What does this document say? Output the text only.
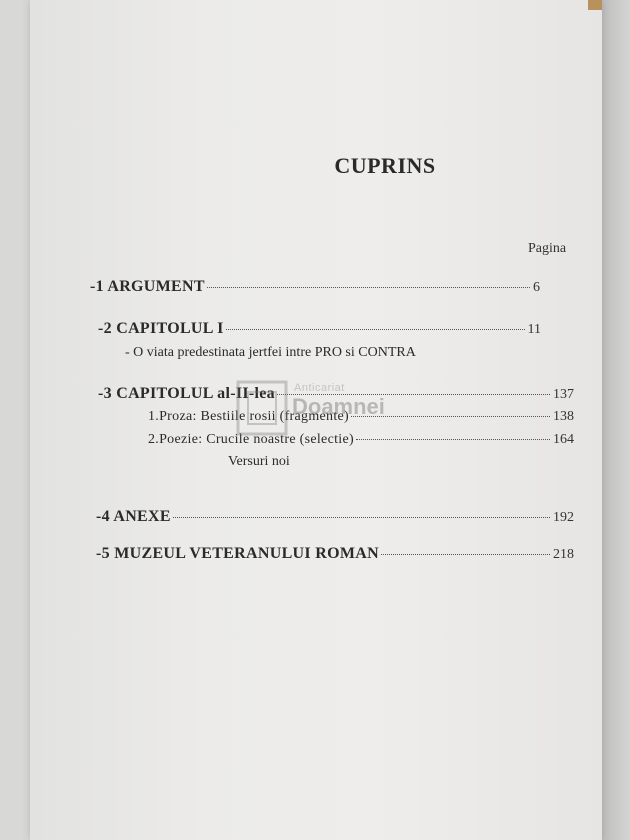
CUPRINS
Pagina
-1 ARGUMENT	6
-2 CAPITOLUL I	11
- O viata predestinata jertfei intre PRO si CONTRA
-3 CAPITOLUL al-II-lea	137
1.Proza: Bestiile rosii (fragmente)	138
2.Poezie: Crucile noastre (selectie)	164
Versuri noi
-4 ANEXE	192
-5 MUZEUL VETERANULUI ROMAN	218
Anticariat
Doamnei
